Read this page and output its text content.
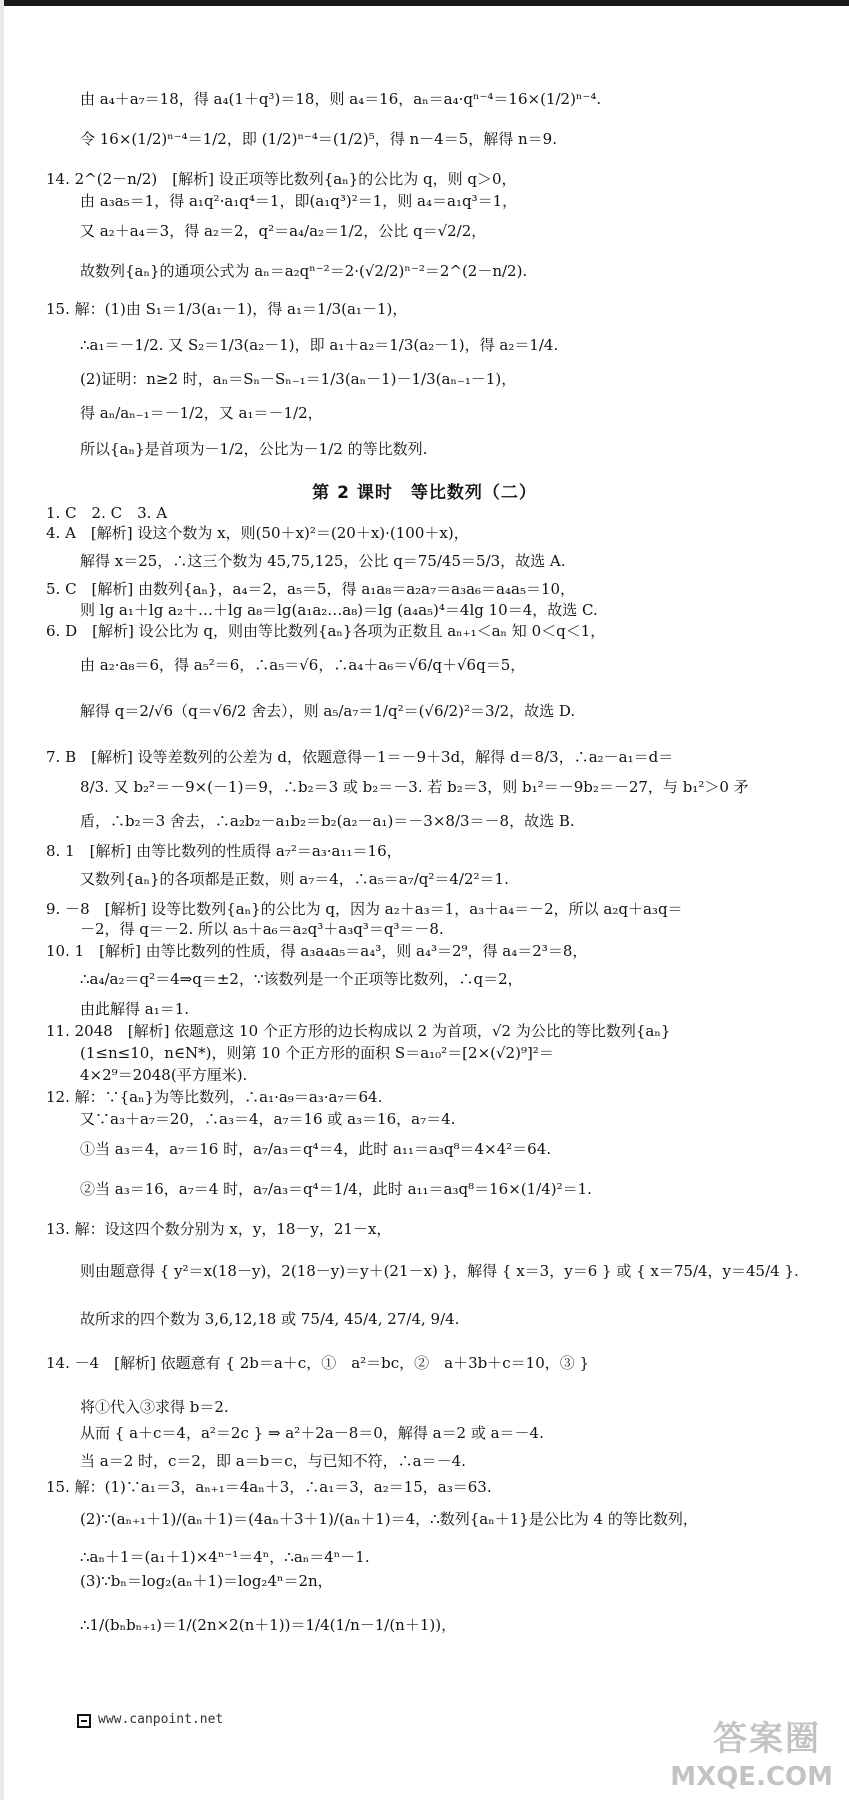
由 a₄＋a₇＝18，得 a₄(1＋q³)＝18，则 a₄＝16，aₙ＝a₄·qⁿ⁻⁴＝16×(1/2)ⁿ⁻⁴.
令 16×(1/2)ⁿ⁻⁴＝1/2，即 (1/2)ⁿ⁻⁴＝(1/2)⁵，得 n－4＝5，解得 n＝9.
14. 2^(2－n/2)　[解析] 设正项等比数列{aₙ}的公比为 q，则 q＞0，
由 a₃a₅＝1，得 a₁q²·a₁q⁴＝1，即(a₁q³)²＝1，则 a₄＝a₁q³＝1，
又 a₂＋a₄＝3，得 a₂＝2，q²＝a₄/a₂＝1/2，公比 q＝√2/2，
故数列{aₙ}的通项公式为 aₙ＝a₂qⁿ⁻²＝2·(√2/2)ⁿ⁻²＝2^(2－n/2).
15. 解：(1)由 S₁＝1/3(a₁－1)，得 a₁＝1/3(a₁－1)，
∴a₁＝－1/2. 又 S₂＝1/3(a₂－1)，即 a₁＋a₂＝1/3(a₂－1)，得 a₂＝1/4.
(2)证明：n≥2 时，aₙ＝Sₙ－Sₙ₋₁＝1/3(aₙ－1)－1/3(aₙ₋₁－1)，
得 aₙ/aₙ₋₁＝－1/2，又 a₁＝－1/2，
所以{aₙ}是首项为－1/2，公比为－1/2 的等比数列.
第 2 课时　等比数列（二）
1. C　2. C　3. A
4. A　[解析] 设这个数为 x，则(50＋x)²＝(20＋x)·(100＋x)，
解得 x＝25，∴这三个数为 45,75,125，公比 q＝75/45＝5/3，故选 A.
5. C　[解析] 由数列{aₙ}，a₄＝2，a₅＝5，得 a₁a₈＝a₂a₇＝a₃a₆＝a₄a₅＝10，
则 lg a₁＋lg a₂＋…＋lg a₈＝lg(a₁a₂…a₈)＝lg (a₄a₅)⁴＝4lg 10＝4，故选 C.
6. D　[解析] 设公比为 q，则由等比数列{aₙ}各项为正数且 aₙ₊₁＜aₙ 知 0＜q＜1，
由 a₂·a₈＝6，得 a₅²＝6，∴a₅＝√6，∴a₄＋a₆＝√6/q＋√6q＝5，
解得 q＝2/√6（q＝√6/2 舍去），则 a₅/a₇＝1/q²＝(√6/2)²＝3/2，故选 D.
7. B　[解析] 设等差数列的公差为 d，依题意得－1＝－9＋3d，解得 d＝8/3，∴a₂－a₁＝d＝
8/3. 又 b₂²＝－9×(－1)＝9，∴b₂＝3 或 b₂＝－3. 若 b₂＝3，则 b₁²＝－9b₂＝－27，与 b₁²＞0 矛
盾，∴b₂＝3 舍去，∴a₂b₂－a₁b₂＝b₂(a₂－a₁)＝－3×8/3＝－8，故选 B.
8. 1　[解析] 由等比数列的性质得 a₇²＝a₃·a₁₁＝16，
又数列{aₙ}的各项都是正数，则 a₇＝4，∴a₅＝a₇/q²＝4/2²＝1.
9. －8　[解析] 设等比数列{aₙ}的公比为 q，因为 a₂＋a₃＝1，a₃＋a₄＝－2，所以 a₂q＋a₃q＝
－2，得 q＝－2. 所以 a₅＋a₆＝a₂q³＋a₃q³＝q³＝－8.
10. 1　[解析] 由等比数列的性质，得 a₃a₄a₅＝a₄³，则 a₄³＝2⁹，得 a₄＝2³＝8，
∴a₄/a₂＝q²＝4⇒q＝±2，∵该数列是一个正项等比数列，∴q＝2，
由此解得 a₁＝1.
11. 2048　[解析] 依题意这 10 个正方形的边长构成以 2 为首项，√2 为公比的等比数列{aₙ}
(1≤n≤10，n∈N*)，则第 10 个正方形的面积 S＝a₁₀²＝[2×(√2)⁹]²＝
4×2⁹＝2048(平方厘米).
12. 解：∵{aₙ}为等比数列，∴a₁·a₉＝a₃·a₇＝64.
又∵a₃＋a₇＝20，∴a₃＝4，a₇＝16 或 a₃＝16，a₇＝4.
①当 a₃＝4，a₇＝16 时，a₇/a₃＝q⁴＝4，此时 a₁₁＝a₃q⁸＝4×4²＝64.
②当 a₃＝16，a₇＝4 时，a₇/a₃＝q⁴＝1/4，此时 a₁₁＝a₃q⁸＝16×(1/4)²＝1.
13. 解：设这四个数分别为 x，y，18－y，21－x，
则由题意得 { y²＝x(18－y)，2(18－y)＝y＋(21－x) }，解得 { x＝3，y＝6 } 或 { x＝75/4，y＝45/4 }.
故所求的四个数为 3,6,12,18 或 75/4, 45/4, 27/4, 9/4.
14. －4　[解析] 依题意有 { 2b＝a＋c，①　a²＝bc，②　a＋3b＋c＝10，③ }
将①代入③求得 b＝2.
从而 { a＋c＝4，a²＝2c } ⇒ a²＋2a－8＝0，解得 a＝2 或 a＝－4.
当 a＝2 时，c＝2，即 a＝b＝c，与已知不符，∴a＝－4.
15. 解：(1)∵a₁＝3，aₙ₊₁＝4aₙ＋3，∴a₁＝3，a₂＝15，a₃＝63.
(2)∵(aₙ₊₁＋1)/(aₙ＋1)＝(4aₙ＋3＋1)/(aₙ＋1)＝4，∴数列{aₙ＋1}是公比为 4 的等比数列，
∴aₙ＋1＝(a₁＋1)×4ⁿ⁻¹＝4ⁿ，∴aₙ＝4ⁿ－1.
(3)∵bₙ＝log₂(aₙ＋1)＝log₂4ⁿ＝2n，
∴1/(bₙbₙ₊₁)＝1/(2n×2(n＋1))＝1/4(1/n－1/(n＋1))，
www.canpoint.net	答案圈
MXQE.COM
